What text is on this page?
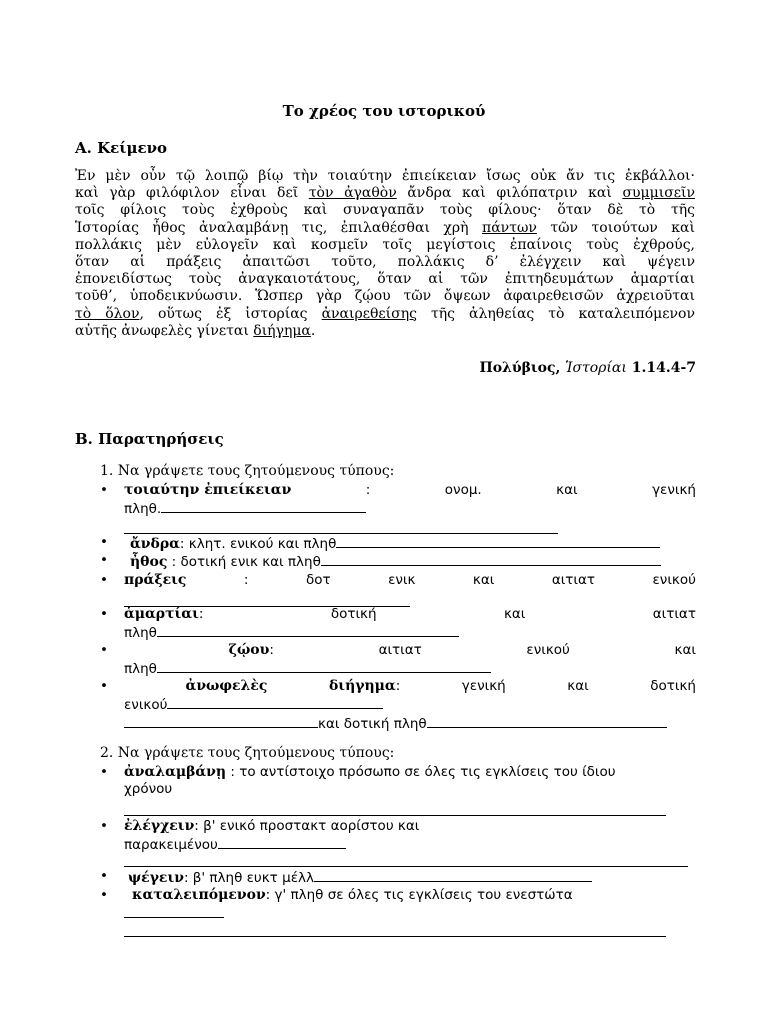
Το χρέος του ιστορικού
Α. Κείμενο
Ἐν μὲν οὖν τῷ λοιπῷ βίῳ τὴν τοιαύτην ἐπιείκειαν ἴσως οὐκ ἄν τις ἐκβάλλοι·
καὶ γὰρ φιλόφιλον εἶναι δεῖ τὸν ἀγαθὸν ἄνδρα καὶ φιλόπατριν καὶ συμμισεῖν
τοῖς φίλοις τοὺς ἐχθροὺς καὶ συναγαπᾶν τοὺς φίλους· ὅταν δὲ τὸ τῆς
Ἱστορίας ἦθος ἀναλαμβάνῃ τις, ἐπιλαθέσθαι χρὴ πάντων τῶν τοιούτων καὶ
πολλάκις μὲν εὐλογεῖν καὶ κοσμεῖν τοῖς μεγίστοις ἐπαίνοις τοὺς ἐχθρούς,
ὅταν αἱ πράξεις ἀπαιτῶσι τοῦτο, πολλάκις δ’ ἐλέγχειν καὶ ψέγειν
ἐπονειδίστως τοὺς ἀναγκαιοτάτους, ὅταν αἱ τῶν ἐπιτηδευμάτων ἁμαρτίαι
τοῦθ’, ὑποδεικνύωσιν. Ὥσπερ γὰρ ζῴου τῶν ὄψεων ἀφαιρεθεισῶν ἀχρειοῦται
τὸ ὅλον, οὕτως ἐξ ἱστορίας ἀναιρεθείσης τῆς ἀληθείας τὸ καταλειπόμενον
αὐτῆς ἀνωφελὲς γίνεται διήγημα.
Πολύβιος, Ἱστορίαι 1.14.4-7
Β. Παρατηρήσεις
1. Να γράψετε τους ζητούμενους τύπους:
• τοιαύτην ἐπιείκειαν	:	ονομ.	και	γενική
πληθ.
•	ἄνδρα: κλητ. ενικού και πληθ
•	ἦθος : δοτική ενικ και πληθ
• πράξεις	:	δοτ	ενικ	και	αιτιατ	ενικού
• ἁμαρτίαι:	δοτική	και	αιτιατ
πληθ
•	ζῴου:	αιτιατ	ενικού	και
πληθ
•	ἀνωφελὲς	διήγημα:	γενική	και	δοτική
ενικού
και δοτική πληθ
2. Να γράψετε τους ζητούμενους τύπους:
• ἀναλαμβάνῃ : το αντίστοιχο πρόσωπο σε όλες τις εγκλίσεις του ίδιου
χρόνου
• ἐλέγχειν: β' ενικό προστακτ αορίστου και
παρακειμένου
• ψέγειν: β' πληθ ευκτ μέλλ
•	καταλειπόμενον: γ' πληθ σε όλες τις εγκλίσεις του ενεστώτα
